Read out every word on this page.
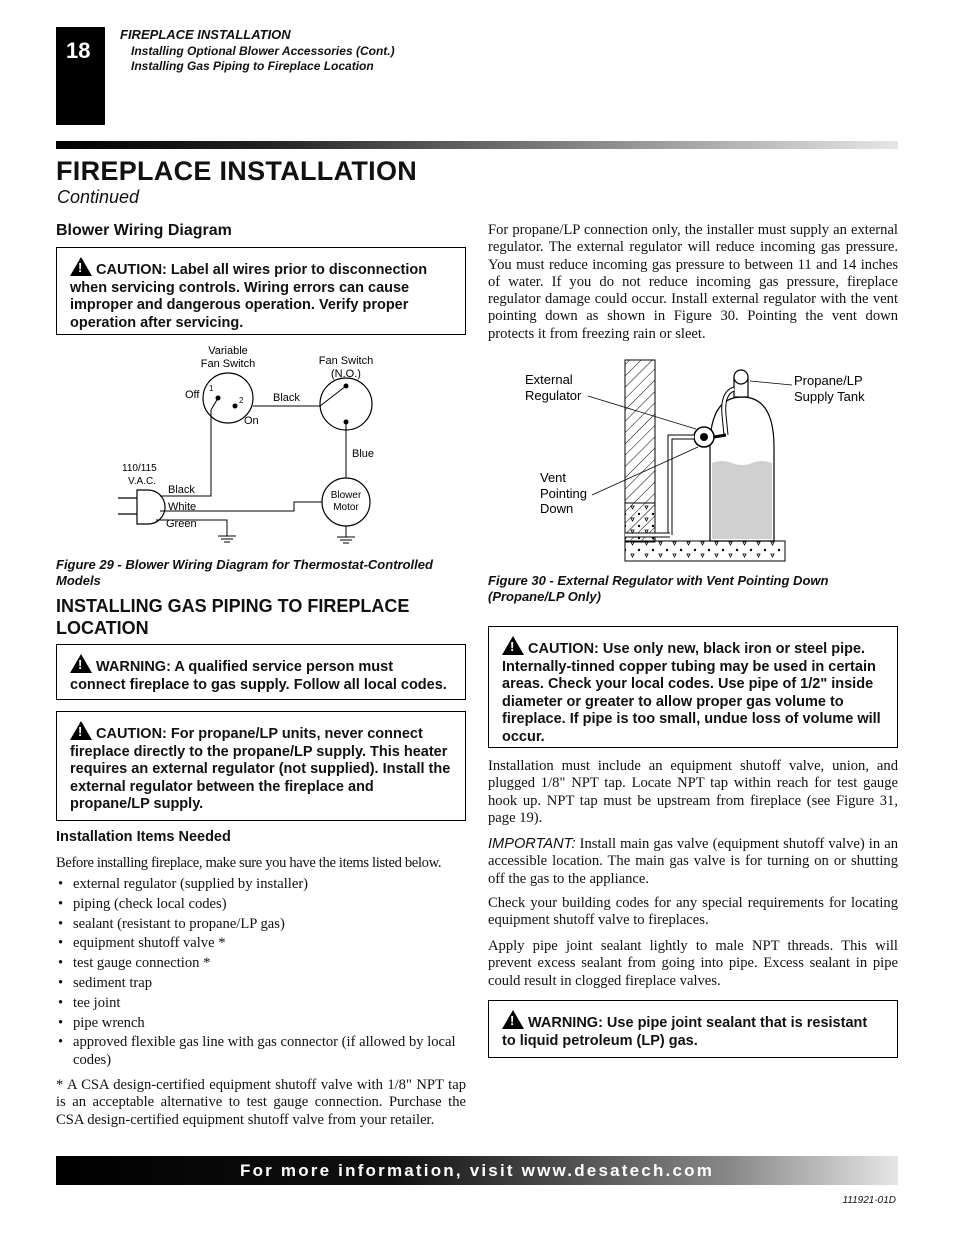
18
FIREPLACE INSTALLATION
Installing Optional Blower Accessories (Cont.)
Installing Gas Piping to Fireplace Location
FIREPLACE INSTALLATION
Continued
Blower Wiring Diagram
!CAUTION: Label all wires prior to disconnection when servicing controls. Wiring errors can cause improper and dangerous operation. Verify proper operation after servicing.
Variable
Fan Switch
Off
On
1
2
Fan Switch
(N.O.)
Black
Blue
Blower
Motor
110/115
V.A.C.
Black
White
Green
Figure 29 - Blower Wiring Diagram for Thermostat-Controlled Models
INSTALLING GAS PIPING TO FIREPLACE LOCATION
!WARNING: A qualified service person must connect fireplace to gas supply. Follow all local codes.
!CAUTION: For propane/LP units, never connect fireplace directly to the propane/LP supply. This heater requires an external regulator (not supplied). Install the external regulator between the fireplace and propane/LP supply.
Installation Items Needed
Before installing fireplace, make sure you have the items listed below.
• external regulator (supplied by installer)
• piping (check local codes)
• sealant (resistant to propane/LP gas)
• equipment shutoff valve *
• test gauge connection *
• sediment trap
• tee joint
• pipe wrench
• approved flexible gas line with gas connector (if allowed by local codes)
* A CSA design-certified equipment shutoff valve with 1/8" NPT tap is an acceptable alternative to test gauge connection. Purchase the CSA design-certified equipment shutoff valve from your retailer.
For propane/LP connection only, the installer must supply an external regulator. The external regulator will reduce incoming gas pressure. You must reduce incoming gas pressure to between 11 and 14 inches of water. If you do not reduce incoming gas pressure, fireplace regulator damage could occur. Install external regulator with the vent pointing down as shown in Figure 30. Pointing the vent down protects it from freezing rain or sleet.
External
Regulator
Propane/LP
Supply Tank
Vent
Pointing
Down
Figure 30 - External Regulator with Vent Pointing Down (Propane/LP Only)
!CAUTION: Use only new, black iron or steel pipe. Internally-tinned copper tubing may be used in certain areas. Check your local codes. Use pipe of 1/2" inside diameter or greater to allow proper gas volume to fireplace. If pipe is too small, undue loss of volume will occur.
Installation must include an equipment shutoff valve, union, and plugged 1/8" NPT tap. Locate NPT tap within reach for test gauge hook up. NPT tap must be upstream from fireplace (see Figure 31, page 19).
IMPORTANT: Install main gas valve (equipment shutoff valve) in an accessible location. The main gas valve is for turning on or shutting off the gas to the appliance.
Check your building codes for any special requirements for locating equipment shutoff valve to fireplaces.
Apply pipe joint sealant lightly to male NPT threads. This will prevent excess sealant from going into pipe. Excess sealant in pipe could result in clogged fireplace valves.
!WARNING: Use pipe joint sealant that is resistant to liquid petroleum (LP) gas.
For more information, visit www.desatech.com
111921-01D
